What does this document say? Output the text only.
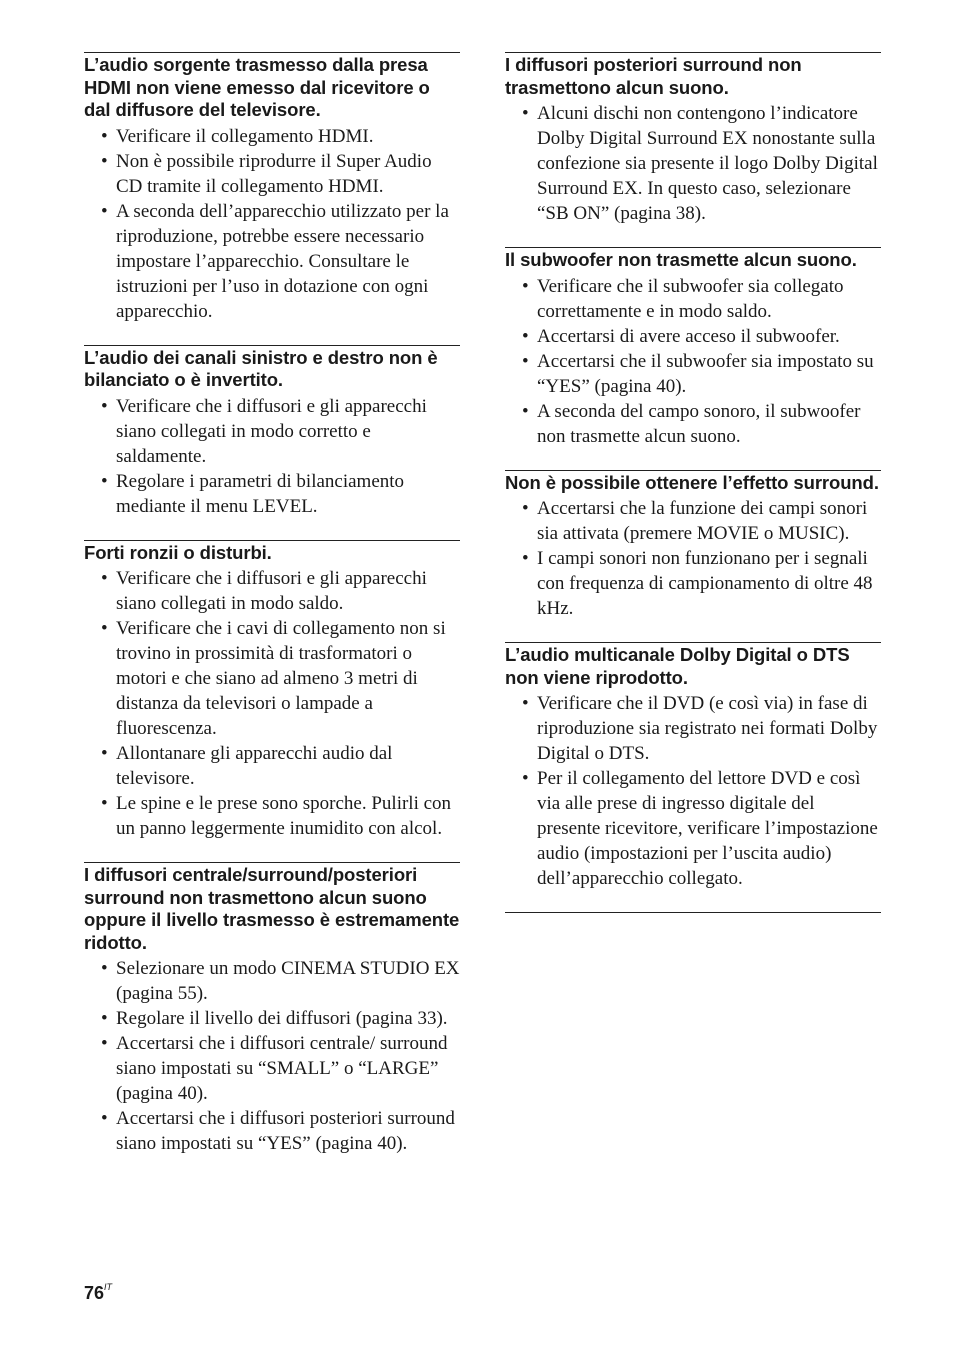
L’audio sorgente trasmesso dalla presa HDMI non viene emesso dal ricevitore o dal diffusore del televisore.
• Verificare il collegamento HDMI.
• Non è possibile riprodurre il Super Audio CD tramite il collegamento HDMI.
• A seconda dell’apparecchio utilizzato per la riproduzione, potrebbe essere necessario impostare l’apparecchio. Consultare le istruzioni per l’uso in dotazione con ogni apparecchio.
L’audio dei canali sinistro e destro non è bilanciato o è invertito.
• Verificare che i diffusori e gli apparecchi siano collegati in modo corretto e saldamente.
• Regolare i parametri di bilanciamento mediante il menu LEVEL.
Forti ronzii o disturbi.
• Verificare che i diffusori e gli apparecchi siano collegati in modo saldo.
• Verificare che i cavi di collegamento non si trovino in prossimità di trasformatori o motori e che siano ad almeno 3 metri di distanza da televisori o lampade a fluorescenza.
• Allontanare gli apparecchi audio dal televisore.
• Le spine e le prese sono sporche. Pulirli con un panno leggermente inumidito con alcol.
I diffusori centrale/surround/posteriori surround non trasmettono alcun suono oppure il livello trasmesso è estremamente ridotto.
• Selezionare un modo CINEMA STUDIO EX (pagina 55).
• Regolare il livello dei diffusori (pagina 33).
• Accertarsi che i diffusori centrale/ surround siano impostati su “SMALL” o “LARGE” (pagina 40).
• Accertarsi che i diffusori posteriori surround siano impostati su “YES” (pagina 40).
I diffusori posteriori surround non trasmettono alcun suono.
• Alcuni dischi non contengono l’indicatore Dolby Digital Surround EX nonostante sulla confezione sia presente il logo Dolby Digital Surround EX. In questo caso, selezionare “SB ON” (pagina 38).
Il subwoofer non trasmette alcun suono.
• Verificare che il subwoofer sia collegato correttamente e in modo saldo.
• Accertarsi di avere acceso il subwoofer.
• Accertarsi che il subwoofer sia impostato su “YES” (pagina 40).
• A seconda del campo sonoro, il subwoofer non trasmette alcun suono.
Non è possibile ottenere l’effetto surround.
• Accertarsi che la funzione dei campi sonori sia attivata (premere MOVIE o MUSIC).
• I campi sonori non funzionano per i segnali con frequenza di campionamento di oltre 48 kHz.
L’audio multicanale Dolby Digital o DTS non viene riprodotto.
• Verificare che il DVD (e così via) in fase di riproduzione sia registrato nei formati Dolby Digital o DTS.
• Per il collegamento del lettore DVD e così via alle prese di ingresso digitale del presente ricevitore, verificare l’impostazione audio (impostazioni per l’uscita audio) dell’apparecchio collegato.
$76^{IT}$
